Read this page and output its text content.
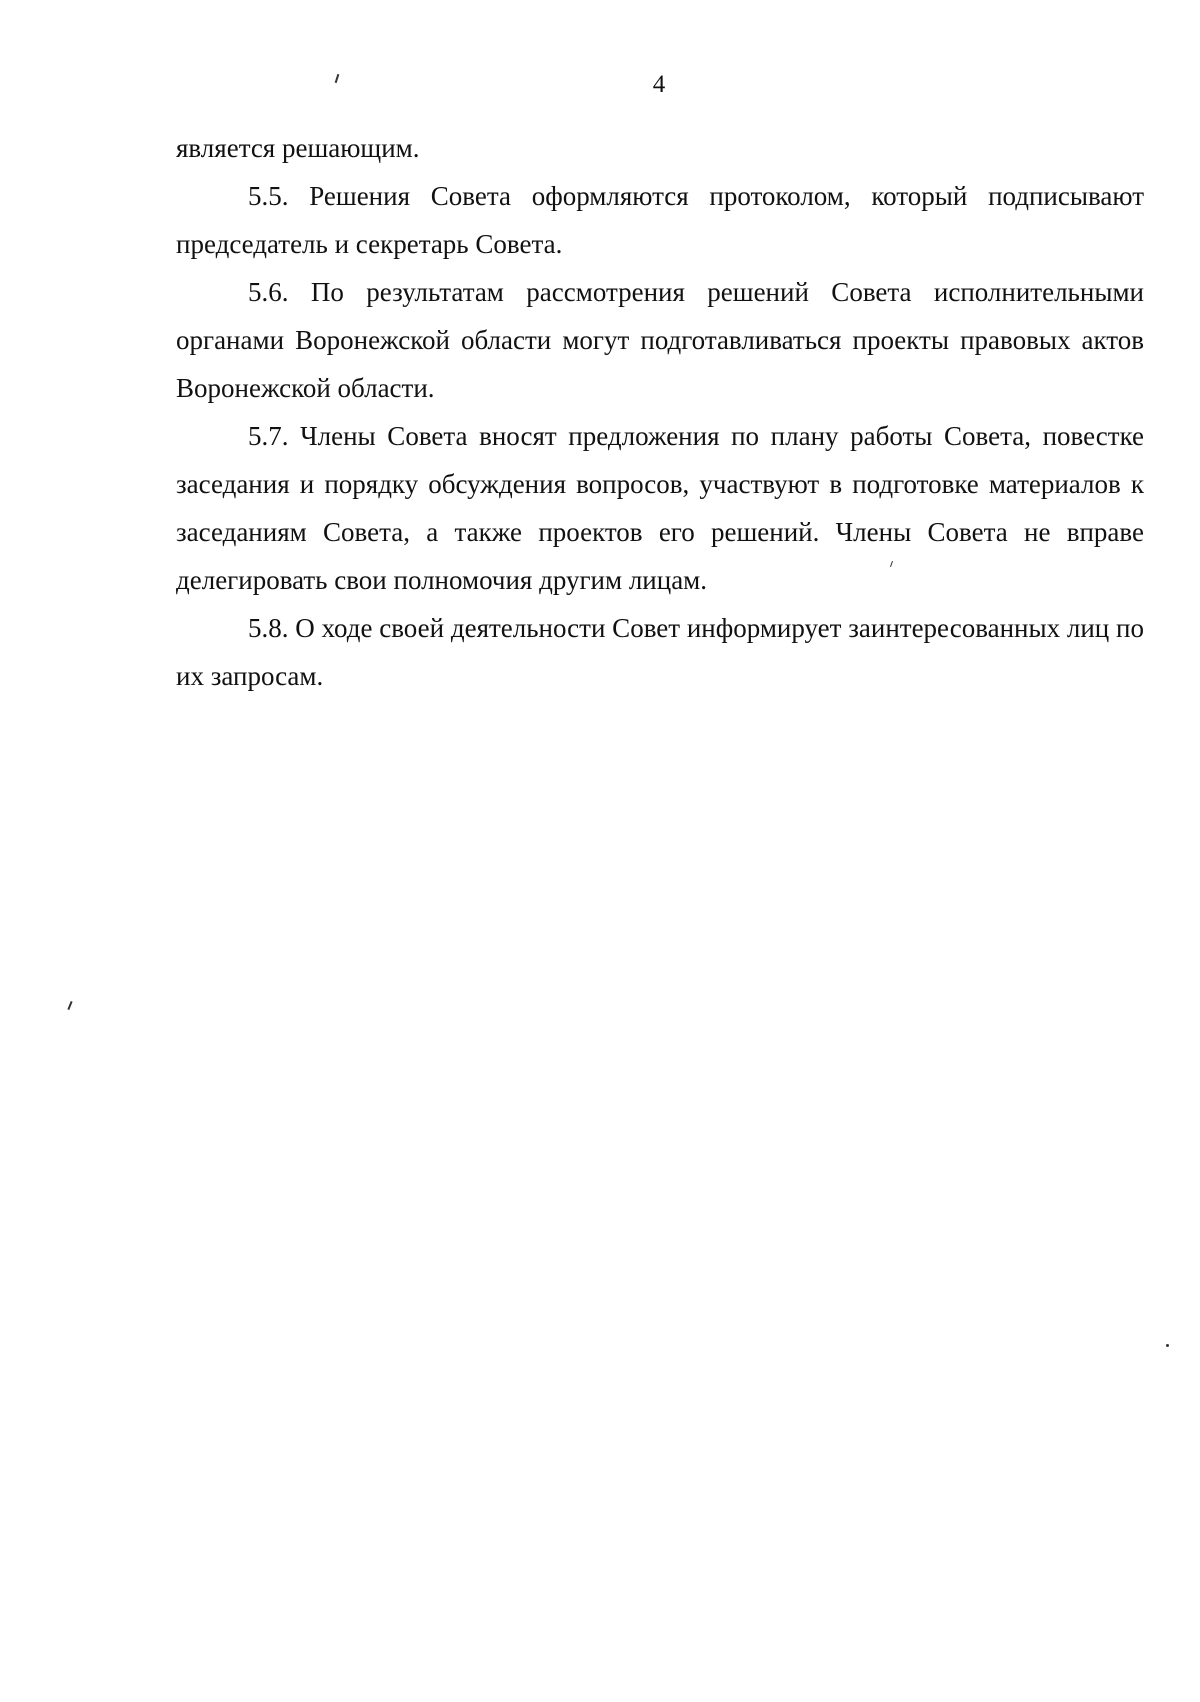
4

является решающим.

5.5. Решения Совета оформляются протоколом, который подписывают председатель и секретарь Совета.

5.6. По результатам рассмотрения решений Совета исполнительными органами Воронежской области могут подготавливаться проекты правовых актов Воронежской области.

5.7. Члены Совета вносят предложения по плану работы Совета, повестке заседания и порядку обсуждения вопросов, участвуют в подготовке материалов к заседаниям Совета, а также проектов его решений. Члены Совета не вправе делегировать свои полномочия другим лицам.

5.8. О ходе своей деятельности Совет информирует заинтересованных лиц по их запросам.
